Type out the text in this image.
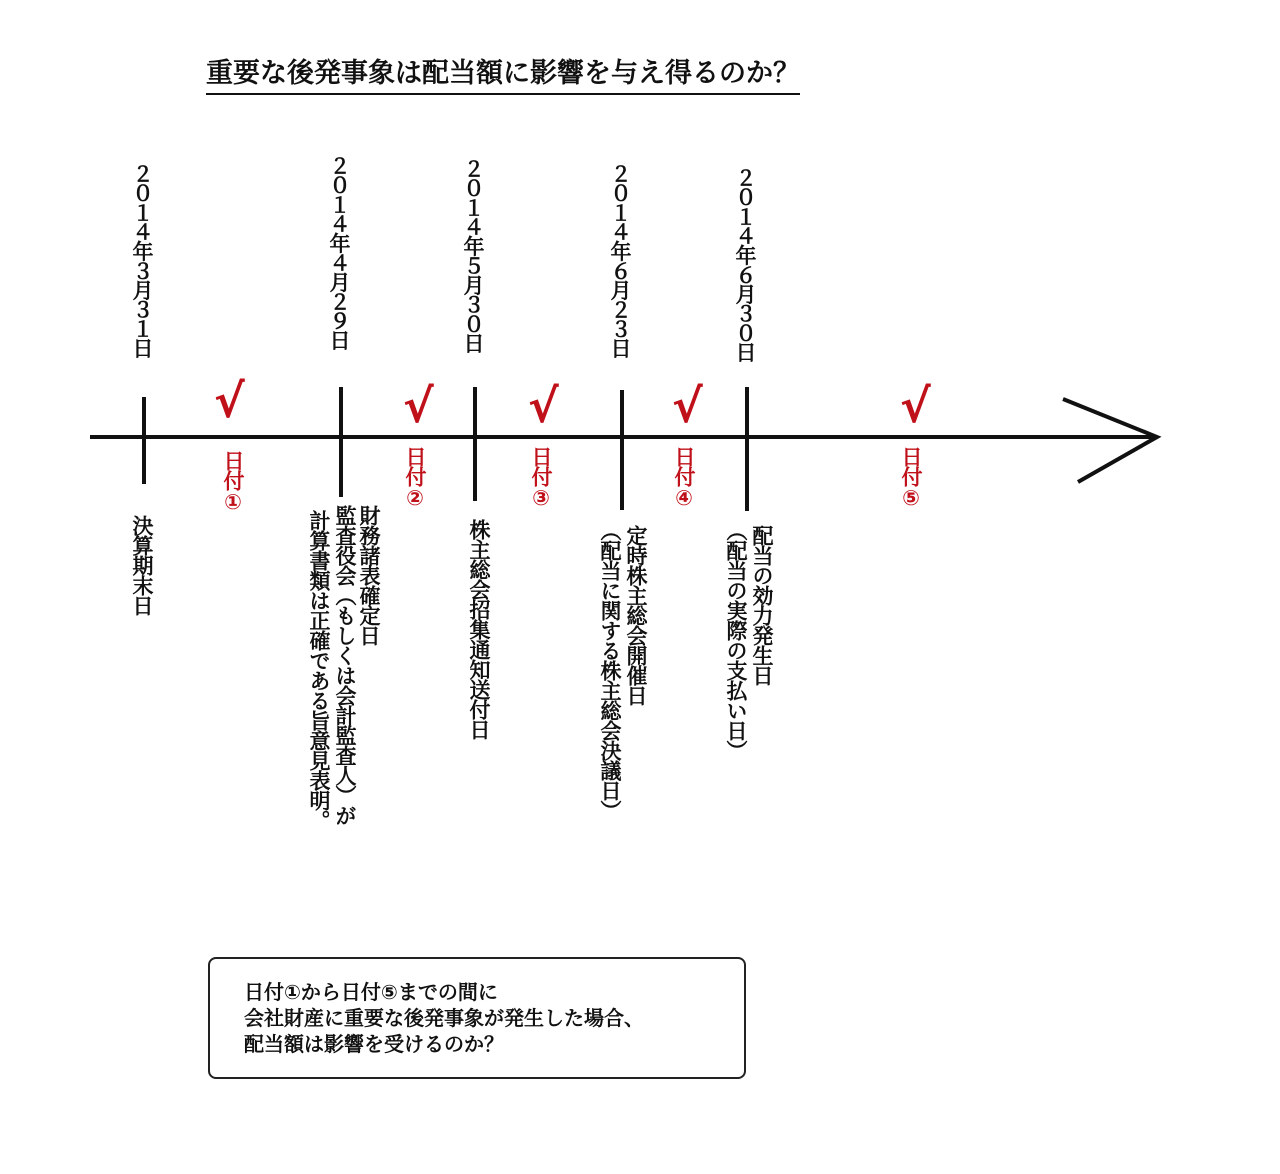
重要な後発事象は配当額に影響を与え得るのか？
２０１４年３月３１日	２０１４年４月２９日	２０１４年５月３０日	２０１４年６月２３日	２０１４年６月３０日
√	√ √ √	√
日付①	日付②	日付③	日付④	日付⑤
決算期末日	財務諸表確定日
監査役会（もしくは会計監査人）が
計算書類は正確である旨意見表明。	株主総会招集通知送付日	定時株主総会開催日
（配当に関する株主総会決議日）	配当の効力発生日
（配当の実際の支払い日）
日付①から日付⑤までの間に
会社財産に重要な後発事象が発生した場合、
配当額は影響を受けるのか？
